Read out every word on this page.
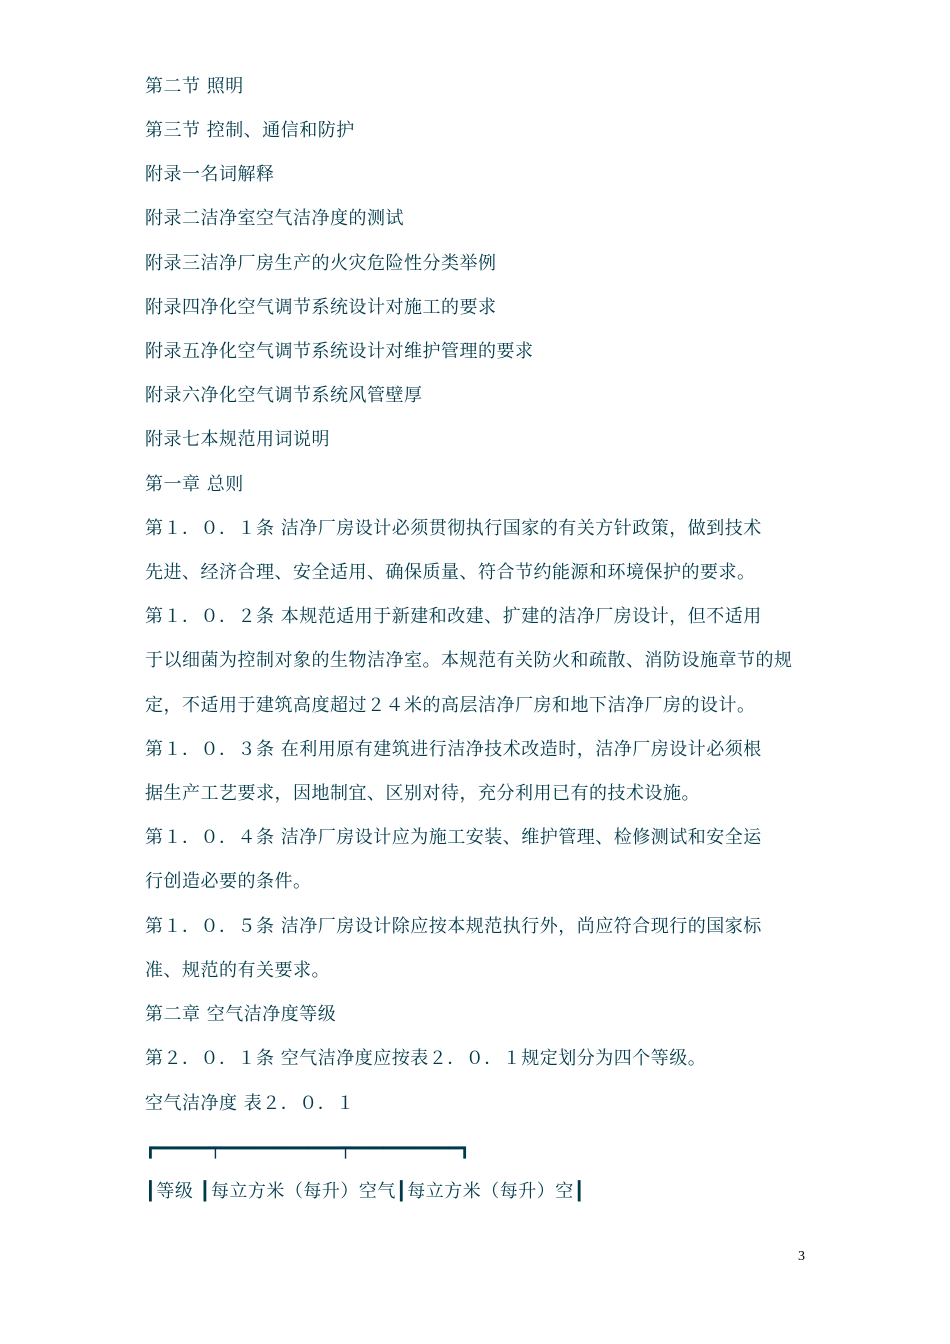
第二节 照明
第三节 控制、通信和防护
附录一名词解释
附录二洁净室空气洁净度的测试
附录三洁净厂房生产的火灾危险性分类举例
附录四净化空气调节系统设计对施工的要求
附录五净化空气调节系统设计对维护管理的要求
附录六净化空气调节系统风管壁厚
附录七本规范用词说明
第一章 总则
第１．０．１条 洁净厂房设计必须贯彻执行国家的有关方针政策，做到技术
先进、经济合理、安全适用、确保质量、符合节约能源和环境保护的要求。
第１．０．２条 本规范适用于新建和改建、扩建的洁净厂房设计，但不适用
于以细菌为控制对象的生物洁净室。本规范有关防火和疏散、消防设施章节的规
定，不适用于建筑高度超过２４米的高层洁净厂房和地下洁净厂房的设计。
第１．０．３条 在利用原有建筑进行洁净技术改造时，洁净厂房设计必须根
据生产工艺要求，因地制宜、区别对待，充分利用已有的技术设施。
第１．０．４条 洁净厂房设计应为施工安装、维护管理、检修测试和安全运
行创造必要的条件。
第１．０．５条 洁净厂房设计除应按本规范执行外，尚应符合现行的国家标
准、规范的有关要求。
第二章 空气洁净度等级
第２．０．１条 空气洁净度应按表２．０．１规定划分为四个等级。
空气洁净度 表２．０．１
┏━━━━━┯━━━━━━━━━━━┯━━━━━━━━━━┓
┃等级 ┃每立方米（每升）空气┃每立方米（每升）空┃
3
